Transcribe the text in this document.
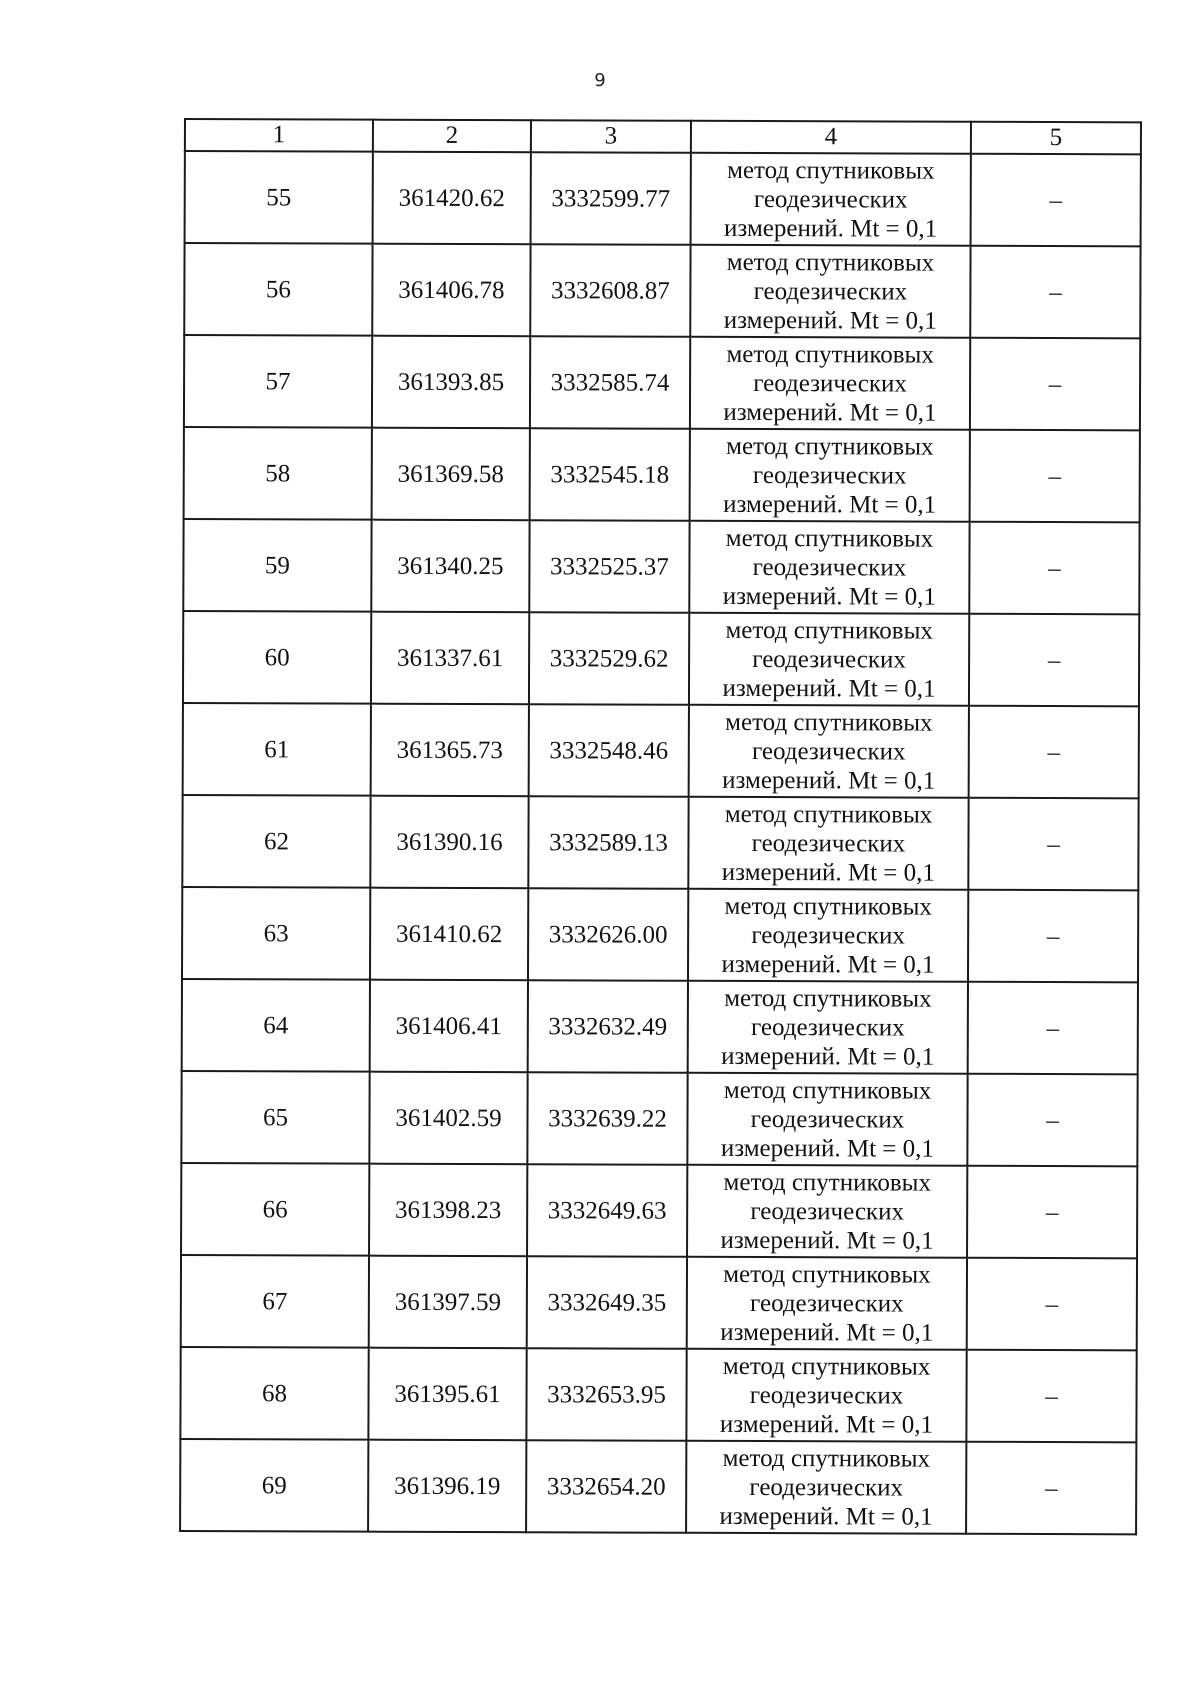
9
1	2	3	4	5
55	361420.62	3332599.77	метод спутниковых
геодезических
измерений. Mt = 0,1	–
56	361406.78	3332608.87	метод спутниковых
геодезических
измерений. Mt = 0,1	–
57	361393.85	3332585.74	метод спутниковых
геодезических
измерений. Mt = 0,1	–
58	361369.58	3332545.18	метод спутниковых
геодезических
измерений. Mt = 0,1	–
59	361340.25	3332525.37	метод спутниковых
геодезических
измерений. Mt = 0,1	–
60	361337.61	3332529.62	метод спутниковых
геодезических
измерений. Mt = 0,1	–
61	361365.73	3332548.46	метод спутниковых
геодезических
измерений. Mt = 0,1	–
62	361390.16	3332589.13	метод спутниковых
геодезических
измерений. Mt = 0,1	–
63	361410.62	3332626.00	метод спутниковых
геодезических
измерений. Mt = 0,1	–
64	361406.41	3332632.49	метод спутниковых
геодезических
измерений. Mt = 0,1	–
65	361402.59	3332639.22	метод спутниковых
геодезических
измерений. Mt = 0,1	–
66	361398.23	3332649.63	метод спутниковых
геодезических
измерений. Mt = 0,1	–
67	361397.59	3332649.35	метод спутниковых
геодезических
измерений. Mt = 0,1	–
68	361395.61	3332653.95	метод спутниковых
геодезических
измерений. Mt = 0,1	–
69	361396.19	3332654.20	метод спутниковых
геодезических
измерений. Mt = 0,1	–
